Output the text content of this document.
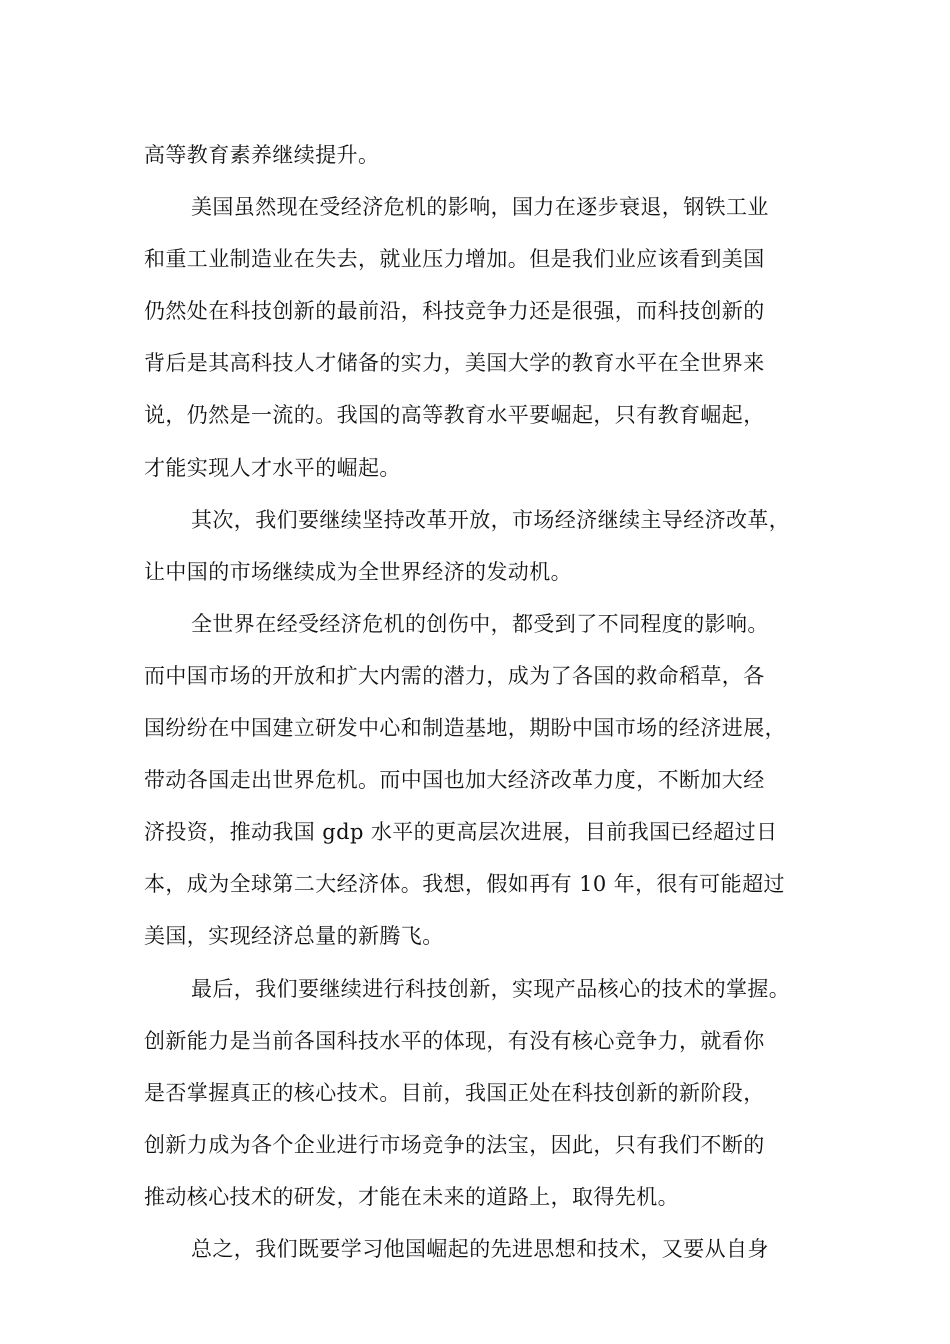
高等教育素养继续提升。
美国虽然现在受经济危机的影响，国力在逐步衰退，钢铁工业
和重工业制造业在失去，就业压力增加。但是我们业应该看到美国
仍然处在科技创新的最前沿，科技竞争力还是很强，而科技创新的
背后是其高科技人才储备的实力，美国大学的教育水平在全世界来
说，仍然是一流的。我国的高等教育水平要崛起，只有教育崛起，
才能实现人才水平的崛起。
其次，我们要继续坚持改革开放，市场经济继续主导经济改革，
让中国的市场继续成为全世界经济的发动机。
全世界在经受经济危机的创伤中，都受到了不同程度的影响。
而中国市场的开放和扩大内需的潜力，成为了各国的救命稻草，各
国纷纷在中国建立研发中心和制造基地，期盼中国市场的经济进展，
带动各国走出世界危机。而中国也加大经济改革力度，不断加大经
济投资，推动我国 gdp 水平的更高层次进展，目前我国已经超过日
本，成为全球第二大经济体。我想，假如再有 10 年，很有可能超过
美国，实现经济总量的新腾飞。
最后，我们要继续进行科技创新，实现产品核心的技术的掌握。
创新能力是当前各国科技水平的体现，有没有核心竞争力，就看你
是否掌握真正的核心技术。目前，我国正处在科技创新的新阶段，
创新力成为各个企业进行市场竞争的法宝，因此，只有我们不断的
推动核心技术的研发，才能在未来的道路上，取得先机。
总之，我们既要学习他国崛起的先进思想和技术，又要从自身
